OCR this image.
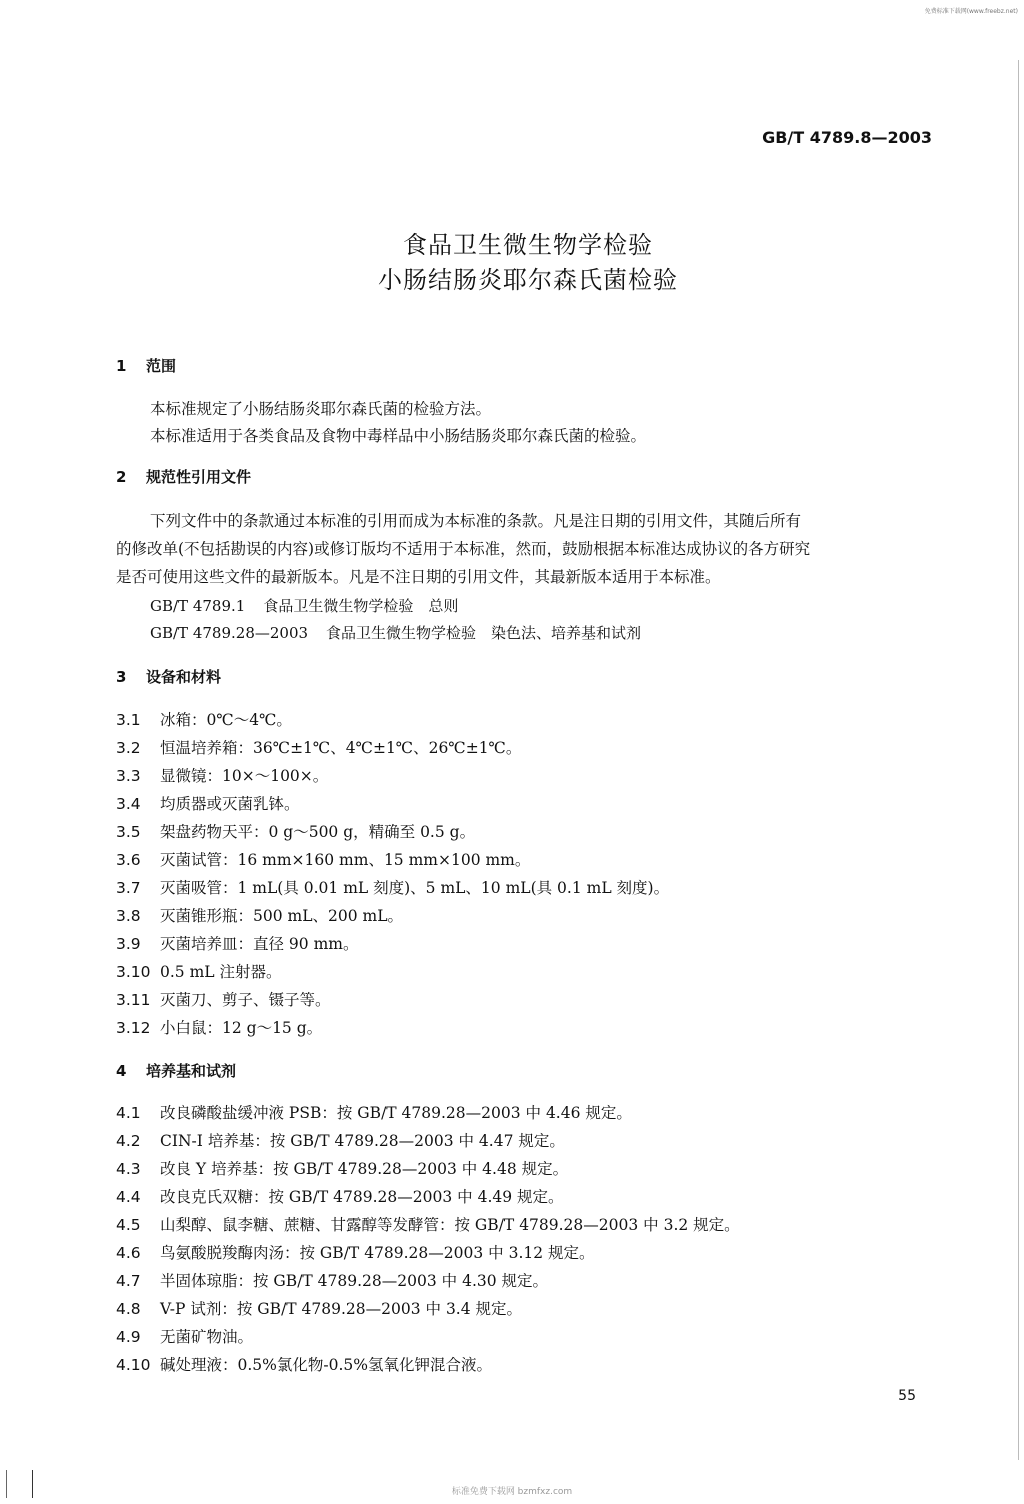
免费标准下载网(www.freebz.net)
GB/T 4789.8—2003
食品卫生微生物学检验
小肠结肠炎耶尔森氏菌检验
1 范围
本标准规定了小肠结肠炎耶尔森氏菌的检验方法。
本标准适用于各类食品及食物中毒样品中小肠结肠炎耶尔森氏菌的检验。
2 规范性引用文件
下列文件中的条款通过本标准的引用而成为本标准的条款。凡是注日期的引用文件，其随后所有
的修改单(不包括勘误的内容)或修订版均不适用于本标准，然而，鼓励根据本标准达成协议的各方研究
是否可使用这些文件的最新版本。凡是不注日期的引用文件，其最新版本适用于本标准。
GB/T 4789.1 食品卫生微生物学检验　总则
GB/T 4789.28—2003 食品卫生微生物学检验　染色法、培养基和试剂
3 设备和材料
3.1 冰箱：0℃～4℃。
3.2 恒温培养箱：36℃±1℃、4℃±1℃、26℃±1℃。
3.3 显微镜：10×～100×。
3.4 均质器或灭菌乳钵。
3.5 架盘药物天平：0 g～500 g，精确至 0.5 g。
3.6 灭菌试管：16 mm×160 mm、15 mm×100 mm。
3.7 灭菌吸管：1 mL(具 0.01 mL 刻度)、5 mL、10 mL(具 0.1 mL 刻度)。
3.8 灭菌锥形瓶：500 mL、200 mL。
3.9 灭菌培养皿：直径 90 mm。
3.10 0.5 mL 注射器。
3.11 灭菌刀、剪子、镊子等。
3.12 小白鼠：12 g～15 g。
4 培养基和试剂
4.1 改良磷酸盐缓冲液 PSB：按 GB/T 4789.28—2003 中 4.46 规定。
4.2 CIN-I 培养基：按 GB/T 4789.28—2003 中 4.47 规定。
4.3 改良 Y 培养基：按 GB/T 4789.28—2003 中 4.48 规定。
4.4 改良克氏双糖：按 GB/T 4789.28—2003 中 4.49 规定。
4.5 山梨醇、鼠李糖、蔗糖、甘露醇等发酵管：按 GB/T 4789.28—2003 中 3.2 规定。
4.6 鸟氨酸脱羧酶肉汤：按 GB/T 4789.28—2003 中 3.12 规定。
4.7 半固体琼脂：按 GB/T 4789.28—2003 中 4.30 规定。
4.8 V-P 试剂：按 GB/T 4789.28—2003 中 3.4 规定。
4.9 无菌矿物油。
4.10 碱处理液：0.5%氯化物-0.5%氢氧化钾混合液。
55
标准免费下载网 bzmfxz.com
